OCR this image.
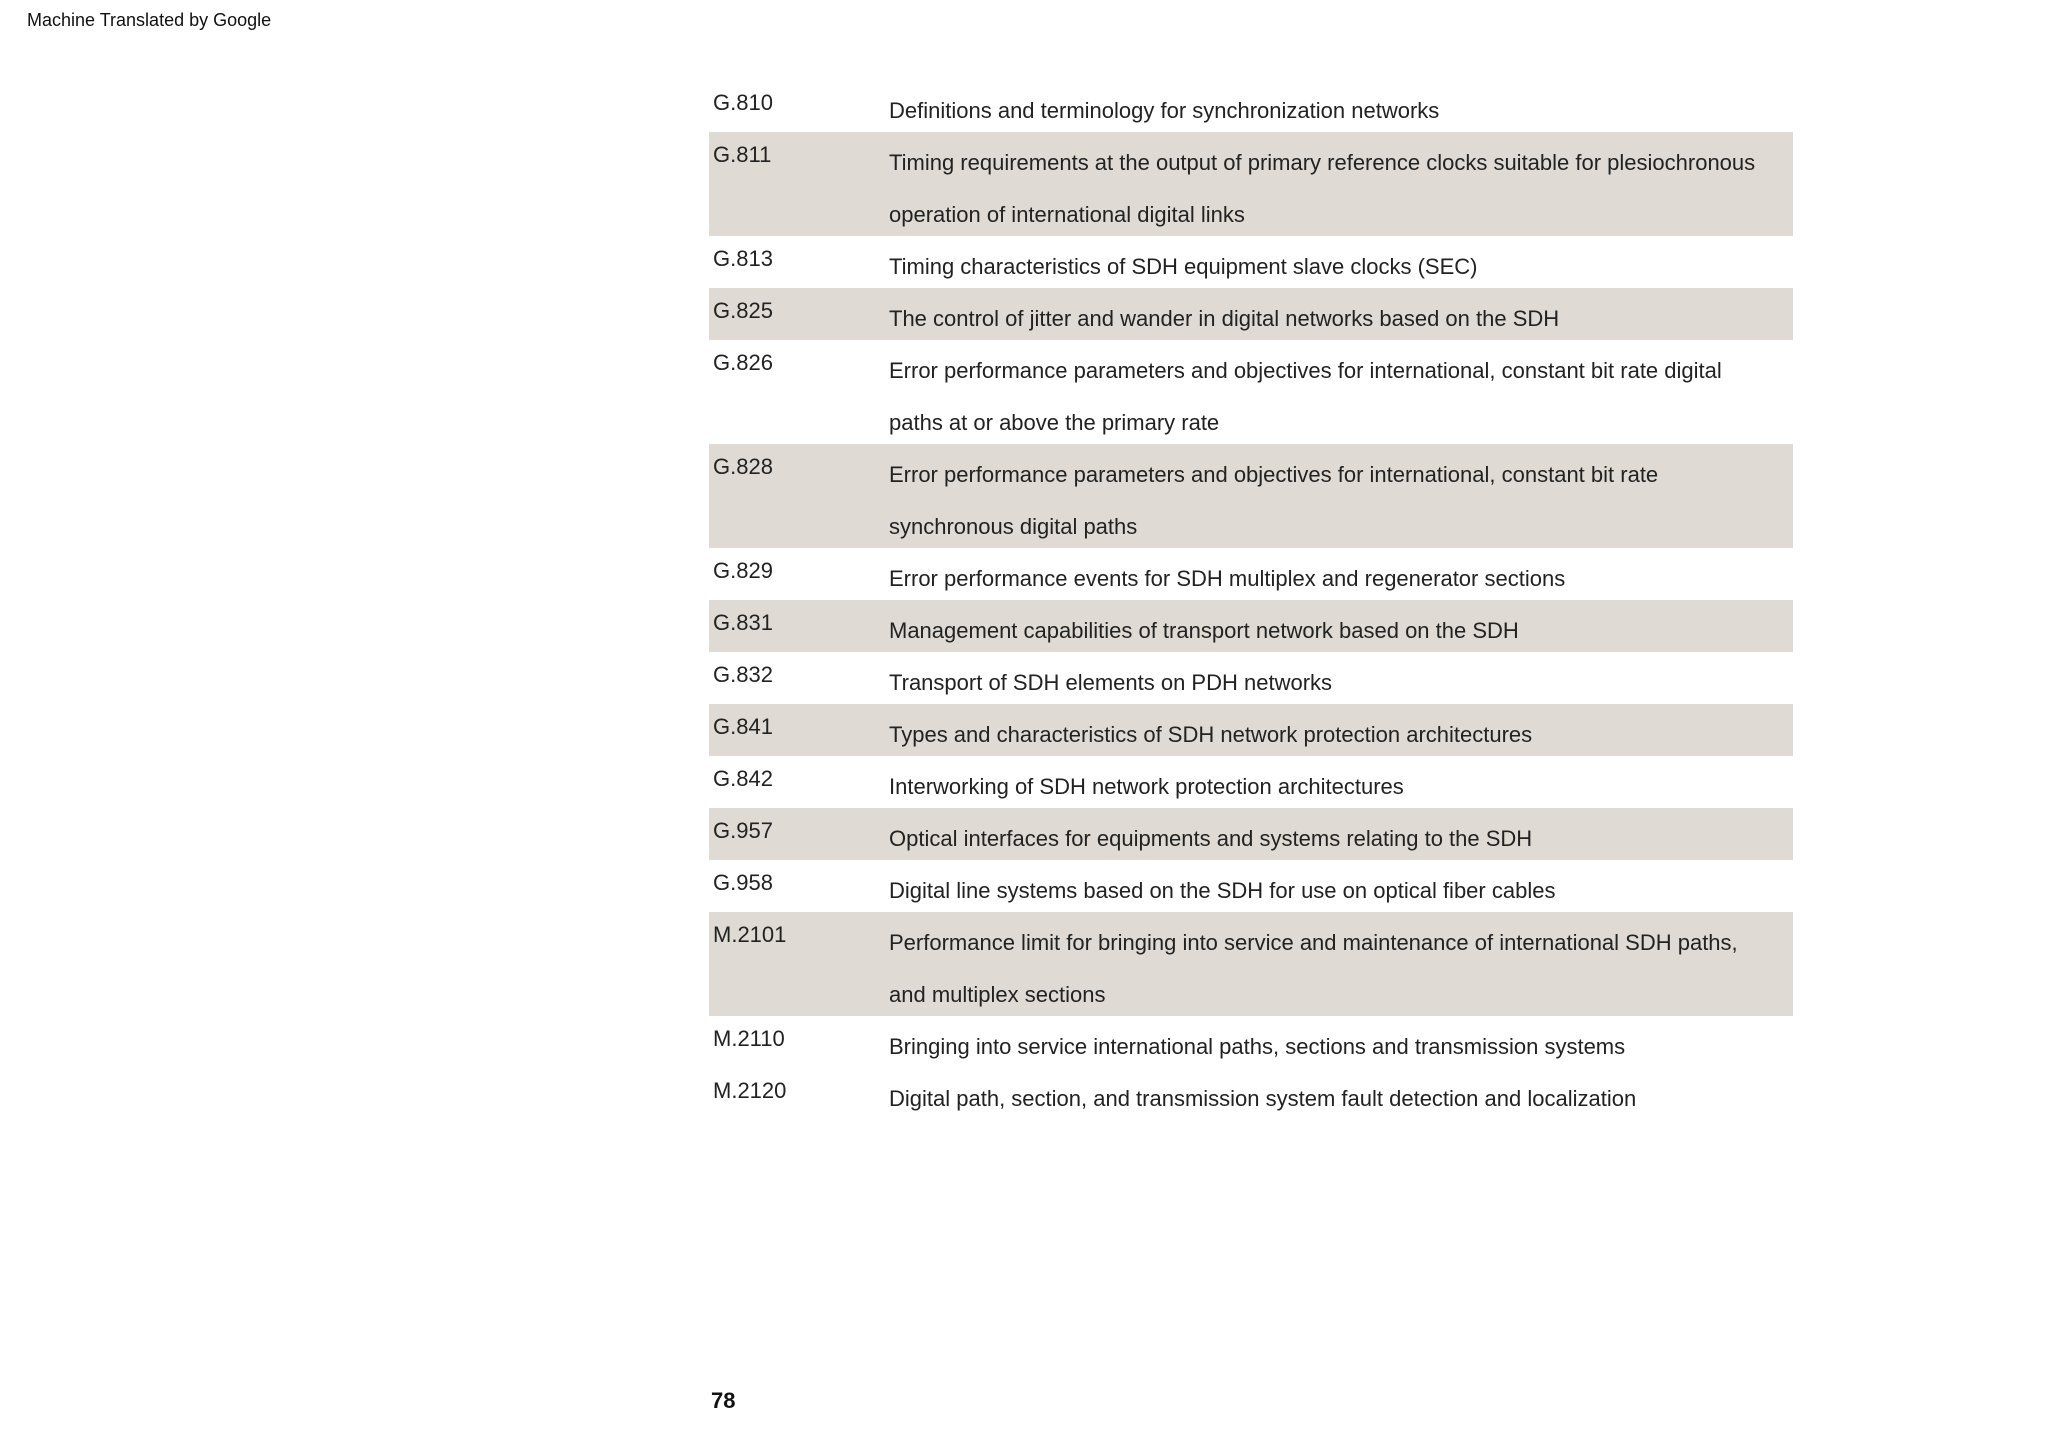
Machine Translated by Google
G.810	Definitions and terminology for synchronization networks
G.811	Timing requirements at the output of primary reference clocks suitable for plesiochronous operation of international digital links
G.813	Timing characteristics of SDH equipment slave clocks (SEC)
G.825	The control of jitter and wander in digital networks based on the SDH
G.826	Error performance parameters and objectives for international, constant bit rate digital paths at or above the primary rate
G.828	Error performance parameters and objectives for international, constant bit rate synchronous digital paths
G.829	Error performance events for SDH multiplex and regenerator sections
G.831	Management capabilities of transport network based on the SDH
G.832	Transport of SDH elements on PDH networks
G.841	Types and characteristics of SDH network protection architectures
G.842	Interworking of SDH network protection architectures
G.957	Optical interfaces for equipments and systems relating to the SDH
G.958	Digital line systems based on the SDH for use on optical fiber cables
M.2101	Performance limit for bringing into service and maintenance of international SDH paths, and multiplex sections
M.2110	Bringing into service international paths, sections and transmission systems
M.2120	Digital path, section, and transmission system fault detection and localization
78
